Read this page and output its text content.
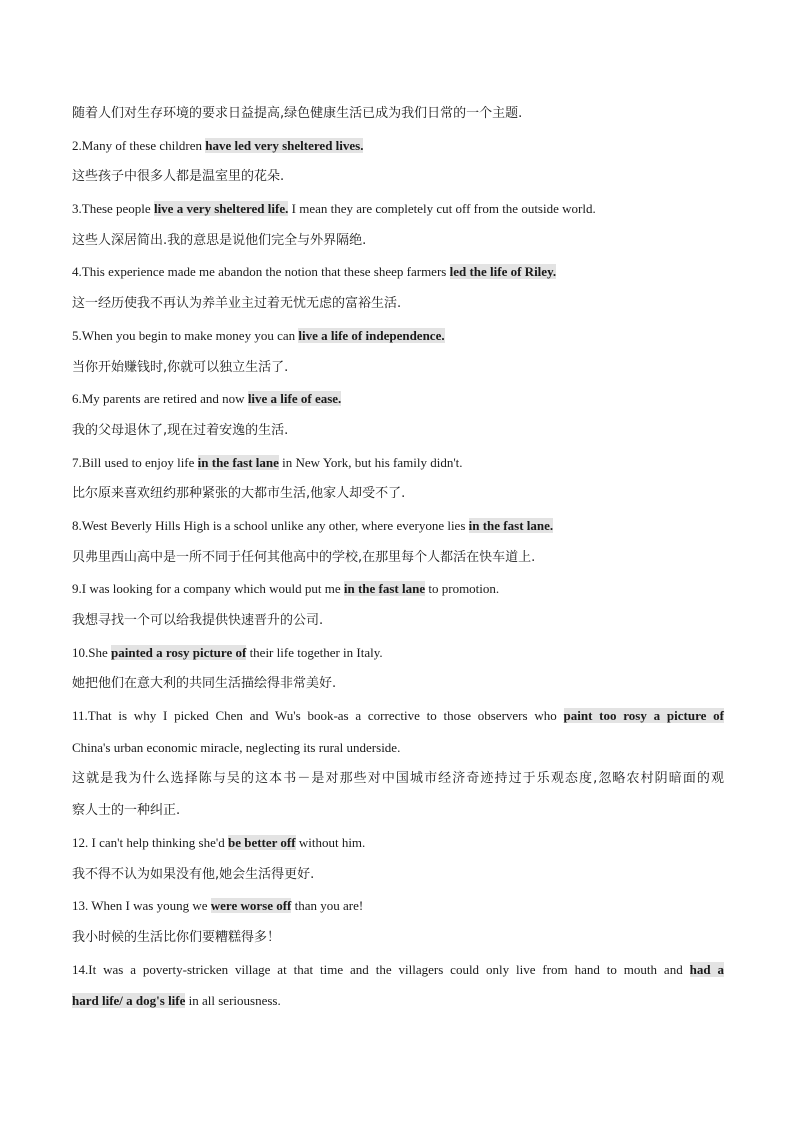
随着人们对生存环境的要求日益提高,绿色健康生活已成为我们日常的一个主题.
2.Many of these children have led very sheltered lives.
这些孩子中很多人都是温室里的花朵.
3.These people live a very sheltered life. I mean they are completely cut off from the outside world.
这些人深居简出.我的意思是说他们完全与外界隔绝.
4.This experience made me abandon the notion that these sheep farmers led the life of Riley.
这一经历使我不再认为养羊业主过着无忧无虑的富裕生活.
5.When you begin to make money you can live a life of independence.
当你开始赚钱时,你就可以独立生活了.
6.My parents are retired and now live a life of ease.
我的父母退休了,现在过着安逸的生活.
7.Bill used to enjoy life in the fast lane in New York, but his family didn't.
比尔原来喜欢纽约那种紧张的大都市生活,他家人却受不了.
8.West Beverly Hills High is a school unlike any other, where everyone lies in the fast lane.
贝弗里西山高中是一所不同于任何其他高中的学校,在那里每个人都活在快车道上.
9.I was looking for a company which would put me in the fast lane to promotion.
我想寻找一个可以给我提供快速晋升的公司.
10.She painted a rosy picture of their life together in Italy.
她把他们在意大利的共同生活描绘得非常美好.
11.That is why I picked Chen and Wu's book-as a corrective to those observers who paint too rosy a picture of
China's urban economic miracle, neglecting its rural underside.
这就是我为什么选择陈与吴的这本书－是对那些对中国城市经济奇迹持过于乐观态度,忽略农村阴暗面的观
察人士的一种纠正.
12. I can't help thinking she'd be better off without him.
我不得不认为如果没有他,她会生活得更好.
13. When I was young we were worse off than you are!
我小时候的生活比你们要糟糕得多！
14.It was a poverty-stricken village at that time and the villagers could only live from hand to mouth and had a
hard life/ a dog's life in all seriousness.
